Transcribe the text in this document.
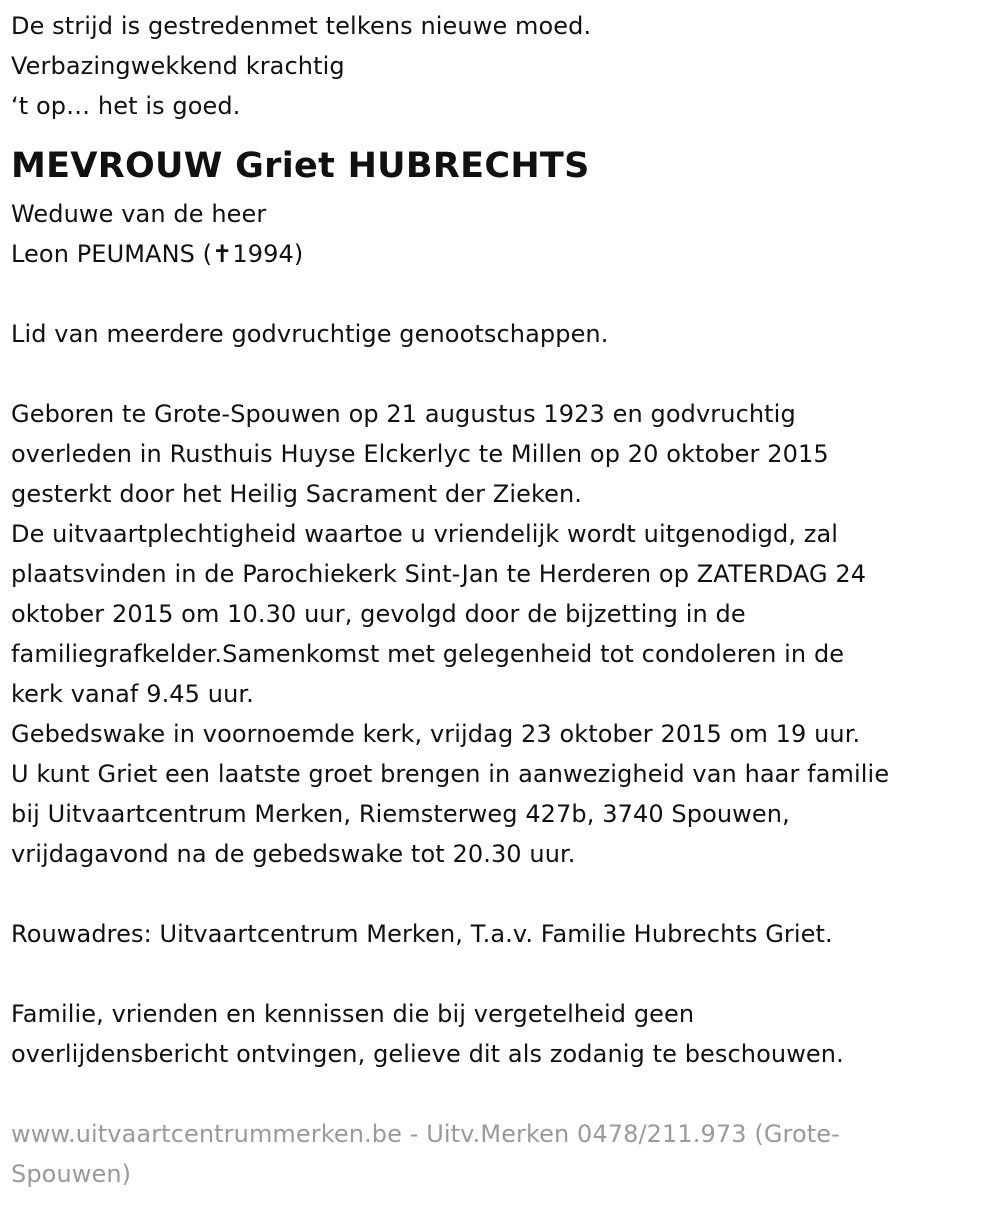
De strijd is gestredenmet telkens nieuwe moed.
Verbazingwekkend krachtig
‘t op… het is goed.
MEVROUW Griet HUBRECHTS
Weduwe van de heer
Leon PEUMANS (✝1994)
Lid van meerdere godvruchtige genootschappen.
Geboren te Grote-Spouwen op 21 augustus 1923 en godvruchtig
overleden in Rusthuis Huyse Elckerlyc te Millen op 20 oktober 2015
gesterkt door het Heilig Sacrament der Zieken.
De uitvaartplechtigheid waartoe u vriendelijk wordt uitgenodigd, zal
plaatsvinden in de Parochiekerk Sint-Jan te Herderen op ZATERDAG 24
oktober 2015 om 10.30 uur, gevolgd door de bijzetting in de
familiegrafkelder.Samenkomst met gelegenheid tot condoleren in de
kerk vanaf 9.45 uur.
Gebedswake in voornoemde kerk, vrijdag 23 oktober 2015 om 19 uur.
U kunt Griet een laatste groet brengen in aanwezigheid van haar familie
bij Uitvaartcentrum Merken, Riemsterweg 427b, 3740 Spouwen,
vrijdagavond na de gebedswake tot 20.30 uur.
Rouwadres: Uitvaartcentrum Merken, T.a.v. Familie Hubrechts Griet.
Familie, vrienden en kennissen die bij vergetelheid geen
overlijdensbericht ontvingen, gelieve dit als zodanig te beschouwen.
www.uitvaartcentrummerken.be - Uitv.Merken 0478/211.973 (Grote-
Spouwen)
